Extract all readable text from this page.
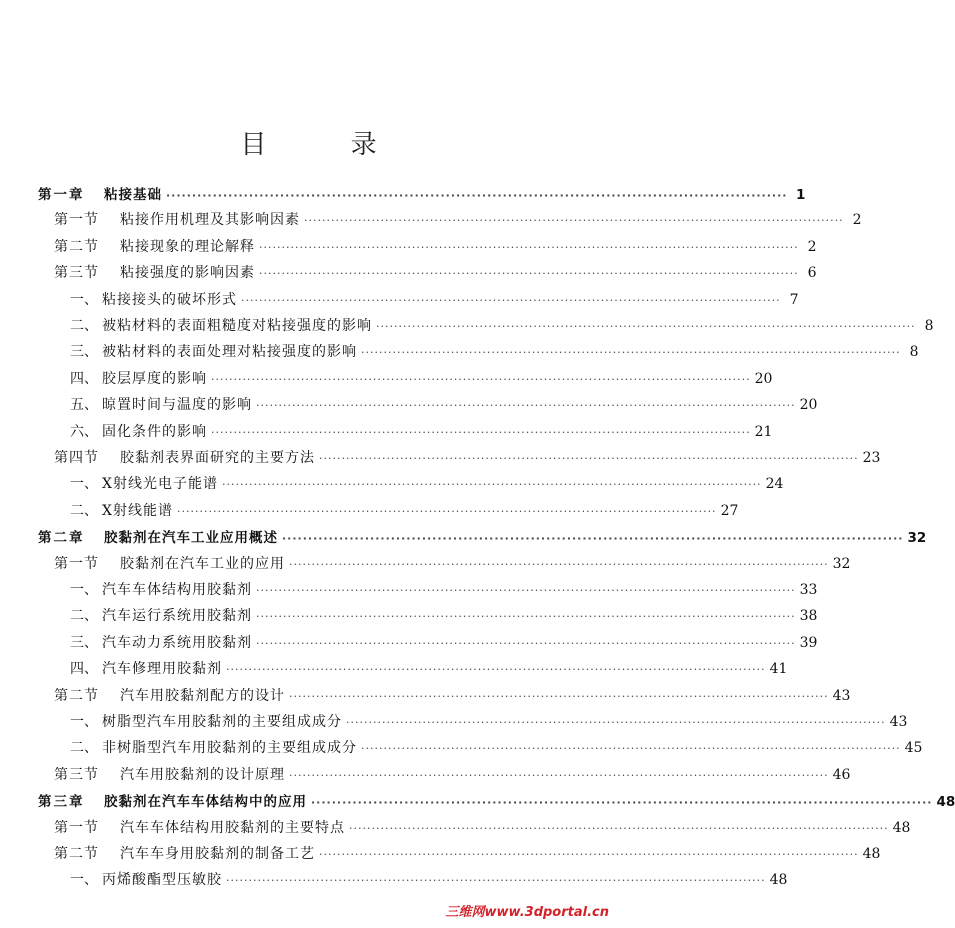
目 录
第一章	粘接基础 ························································································································ 1
第一节	粘接作用机理及其影响因素 ························································································································ 2
第二节	粘接现象的理论解释 ························································································································ 2
第三节	粘接强度的影响因素 ························································································································ 6
一、 粘接接头的破坏形式 ························································································································ 7
二、 被粘材料的表面粗糙度对粘接强度的影响 ························································································································ 8
三、 被粘材料的表面处理对粘接强度的影响 ························································································································ 8
四、 胶层厚度的影响 ························································································································ 20
五、 晾置时间与温度的影响 ························································································································ 20
六、 固化条件的影响 ························································································································ 21
第四节	胶黏剂表界面研究的主要方法 ························································································································ 23
一、 X射线光电子能谱 ························································································································ 24
二、 X射线能谱 ························································································································ 27
第二章	胶黏剂在汽车工业应用概述 ························································································································ 32
第一节	胶黏剂在汽车工业的应用 ························································································································ 32
一、 汽车车体结构用胶黏剂 ························································································································ 33
二、 汽车运行系统用胶黏剂 ························································································································ 38
三、 汽车动力系统用胶黏剂 ························································································································ 39
四、 汽车修理用胶黏剂 ························································································································ 41
第二节	汽车用胶黏剂配方的设计 ························································································································ 43
一、 树脂型汽车用胶黏剂的主要组成成分 ························································································································ 43
二、 非树脂型汽车用胶黏剂的主要组成成分 ························································································································ 45
第三节	汽车用胶黏剂的设计原理 ························································································································ 46
第三章	胶黏剂在汽车车体结构中的应用 ························································································································ 48
第一节	汽车车体结构用胶黏剂的主要特点 ························································································································ 48
第二节	汽车车身用胶黏剂的制备工艺 ························································································································ 48
一、 丙烯酸酯型压敏胶 ························································································································ 48
三维网www.3dportal.cn
